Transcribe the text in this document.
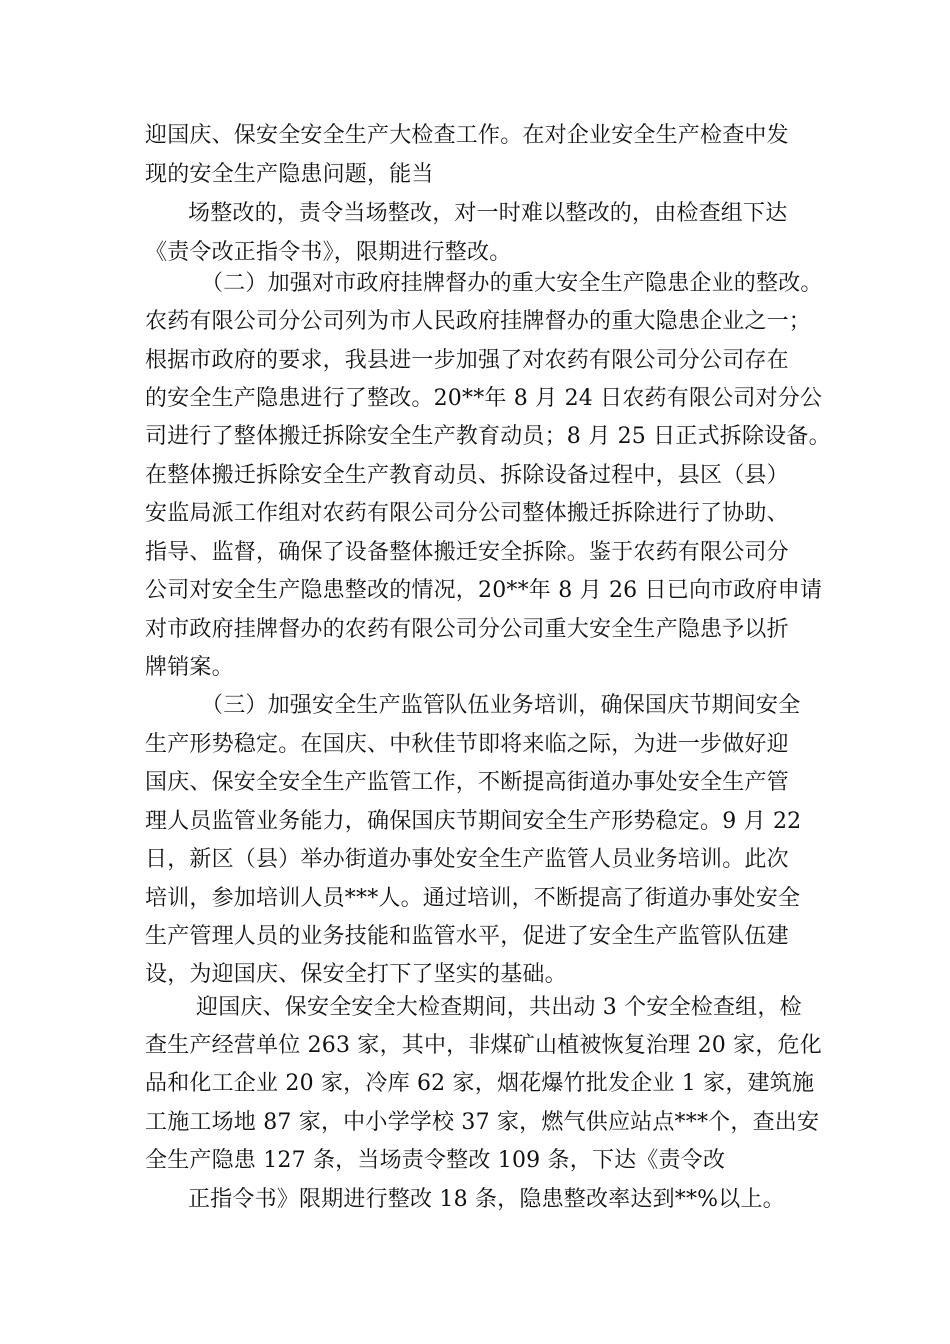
迎国庆、保安全安全生产大检查工作。在对企业安全生产检查中发
现的安全生产隐患问题，能当
场整改的，责令当场整改，对一时难以整改的，由检查组下达
《责令改正指令书》，限期进行整改。
（二）加强对市政府挂牌督办的重大安全生产隐患企业的整改。
农药有限公司分公司列为市人民政府挂牌督办的重大隐患企业之一；
根据市政府的要求，我县进一步加强了对农药有限公司分公司存在
的安全生产隐患进行了整改。20**年 8 月 24 日农药有限公司对分公
司进行了整体搬迁拆除安全生产教育动员；8 月 25 日正式拆除设备。
在整体搬迁拆除安全生产教育动员、拆除设备过程中，县区（县）
安监局派工作组对农药有限公司分公司整体搬迁拆除进行了协助、
指导、监督，确保了设备整体搬迁安全拆除。鉴于农药有限公司分
公司对安全生产隐患整改的情况，20**年 8 月 26 日已向市政府申请
对市政府挂牌督办的农药有限公司分公司重大安全生产隐患予以折
牌销案。
（三）加强安全生产监管队伍业务培训，确保国庆节期间安全
生产形势稳定。在国庆、中秋佳节即将来临之际，为进一步做好迎
国庆、保安全安全生产监管工作，不断提高街道办事处安全生产管
理人员监管业务能力，确保国庆节期间安全生产形势稳定。9 月 22
日，新区（县）举办街道办事处安全生产监管人员业务培训。此次
培训，参加培训人员***人。通过培训，不断提高了街道办事处安全
生产管理人员的业务技能和监管水平，促进了安全生产监管队伍建
设，为迎国庆、保安全打下了坚实的基础。
迎国庆、保安全安全大检查期间，共出动 3 个安全检查组，检
查生产经营单位 263 家，其中，非煤矿山植被恢复治理 20 家，危化
品和化工企业 20 家，冷库 62 家，烟花爆竹批发企业 1 家，建筑施
工施工场地 87 家，中小学学校 37 家，燃气供应站点***个，查出安
全生产隐患 127 条，当场责令整改 109 条，下达《责令改
正指令书》限期进行整改 18 条，隐患整改率达到**%以上。
